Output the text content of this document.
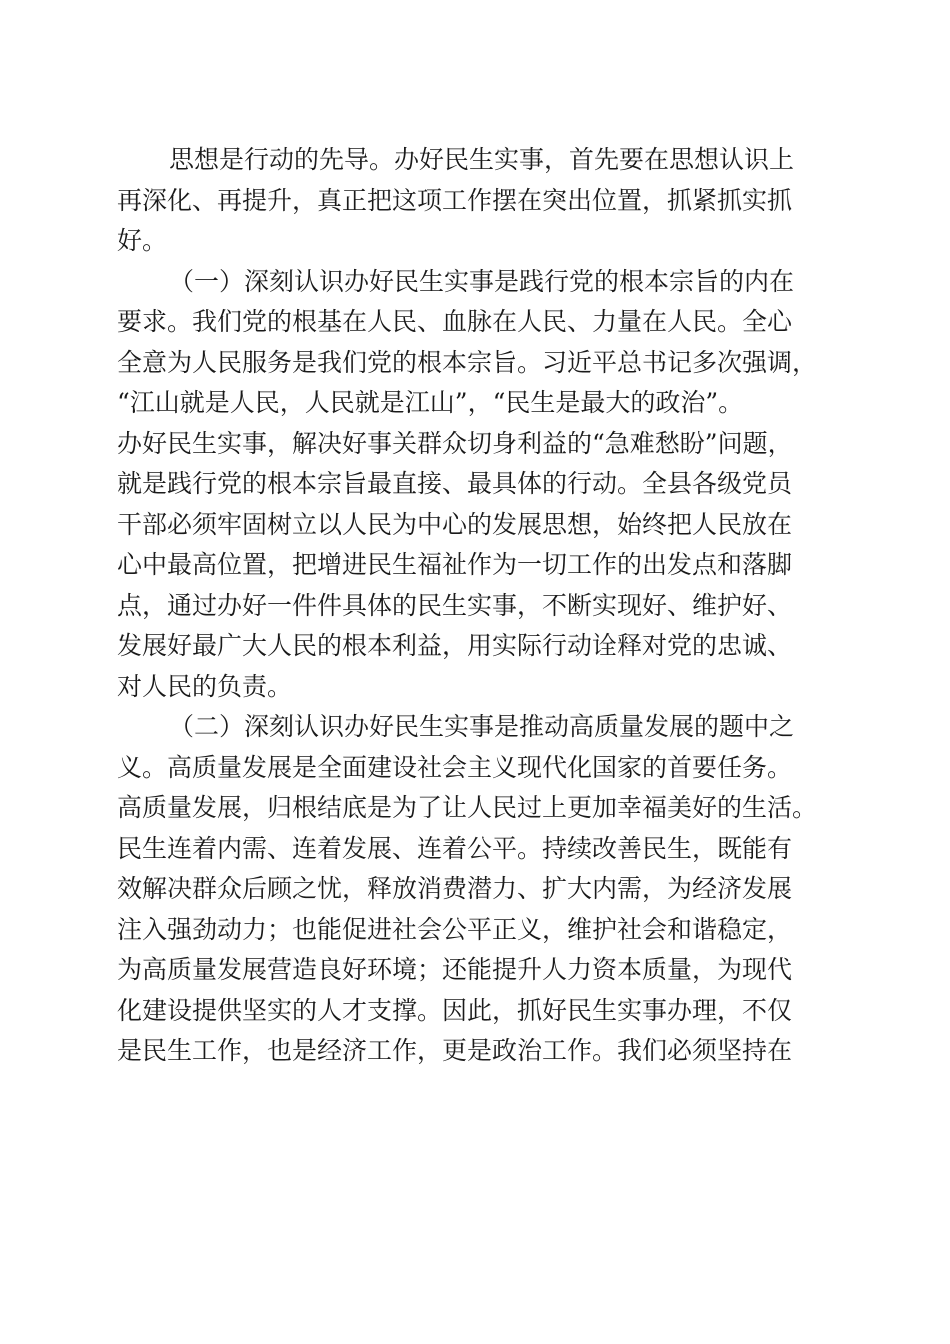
思想是行动的先导。办好民生实事，首先要在思想认识上
再深化、再提升，真正把这项工作摆在突出位置，抓紧抓实抓
好。
（一）深刻认识办好民生实事是践行党的根本宗旨的内在
要求。我们党的根基在人民、血脉在人民、力量在人民。全心
全意为人民服务是我们党的根本宗旨。习近平总书记多次强调，
“江山就是人民，人民就是江山”，“民生是最大的政治”。
办好民生实事，解决好事关群众切身利益的“急难愁盼”问题，
就是践行党的根本宗旨最直接、最具体的行动。全县各级党员
干部必须牢固树立以人民为中心的发展思想，始终把人民放在
心中最高位置，把增进民生福祉作为一切工作的出发点和落脚
点，通过办好一件件具体的民生实事，不断实现好、维护好、
发展好最广大人民的根本利益，用实际行动诠释对党的忠诚、
对人民的负责。
（二）深刻认识办好民生实事是推动高质量发展的题中之
义。高质量发展是全面建设社会主义现代化国家的首要任务。
高质量发展，归根结底是为了让人民过上更加幸福美好的生活。
民生连着内需、连着发展、连着公平。持续改善民生，既能有
效解决群众后顾之忧，释放消费潜力、扩大内需，为经济发展
注入强劲动力；也能促进社会公平正义，维护社会和谐稳定，
为高质量发展营造良好环境；还能提升人力资本质量，为现代
化建设提供坚实的人才支撑。因此，抓好民生实事办理，不仅
是民生工作，也是经济工作，更是政治工作。我们必须坚持在
